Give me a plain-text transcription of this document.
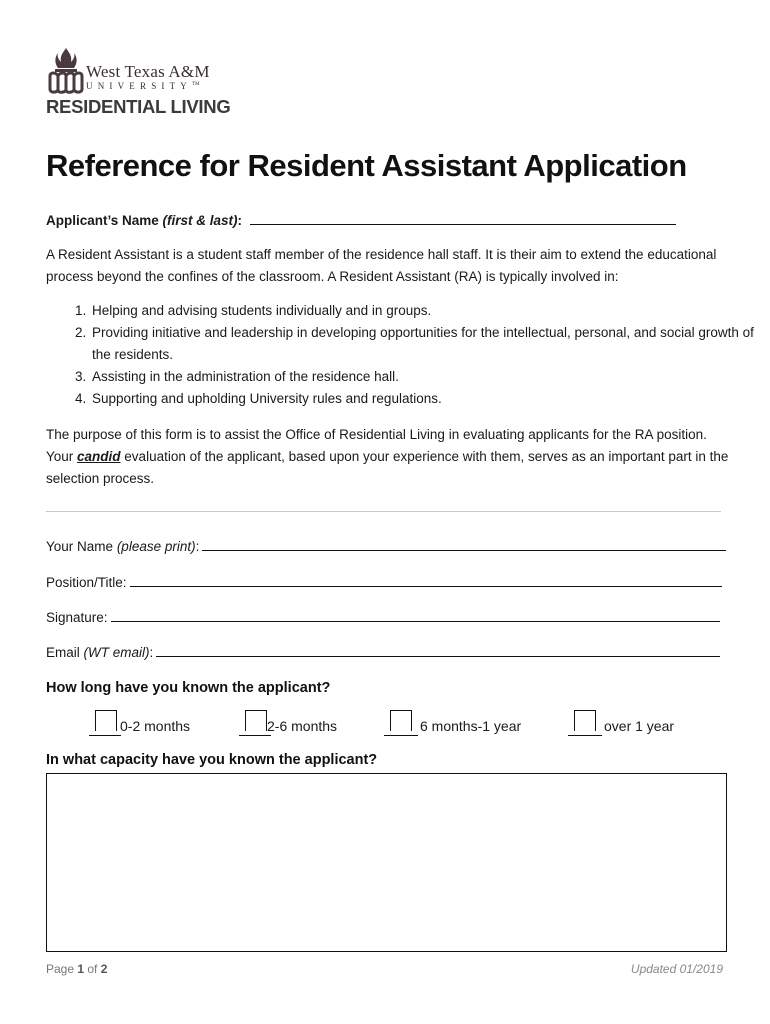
West Texas A&M
UNIVERSITY™
RESIDENTIAL LIVING
Reference for Resident Assistant Application
Applicant’s Name (first & last):
A Resident Assistant is a student staff member of the residence hall staff. It is their aim to extend the educational process beyond the confines of the classroom. A Resident Assistant (RA) is typically involved in:
1. Helping and advising students individually and in groups.
2. Providing initiative and leadership in developing opportunities for the intellectual, personal, and social growth of the residents.
3. Assisting in the administration of the residence hall.
4. Supporting and upholding University rules and regulations.
The purpose of this form is to assist the Office of Residential Living in evaluating applicants for the RA position. Your candid evaluation of the applicant, based upon your experience with them, serves as an important part in the selection process.
Your Name
(please print) :
Position/Title:
Signature:
Email
(WT email) :
How long have you known the applicant?
0-2 months	2-6 months	6 months-1 year	over 1 year
In what capacity have you known the applicant?
Page 1 of 2	Updated 01/2019
